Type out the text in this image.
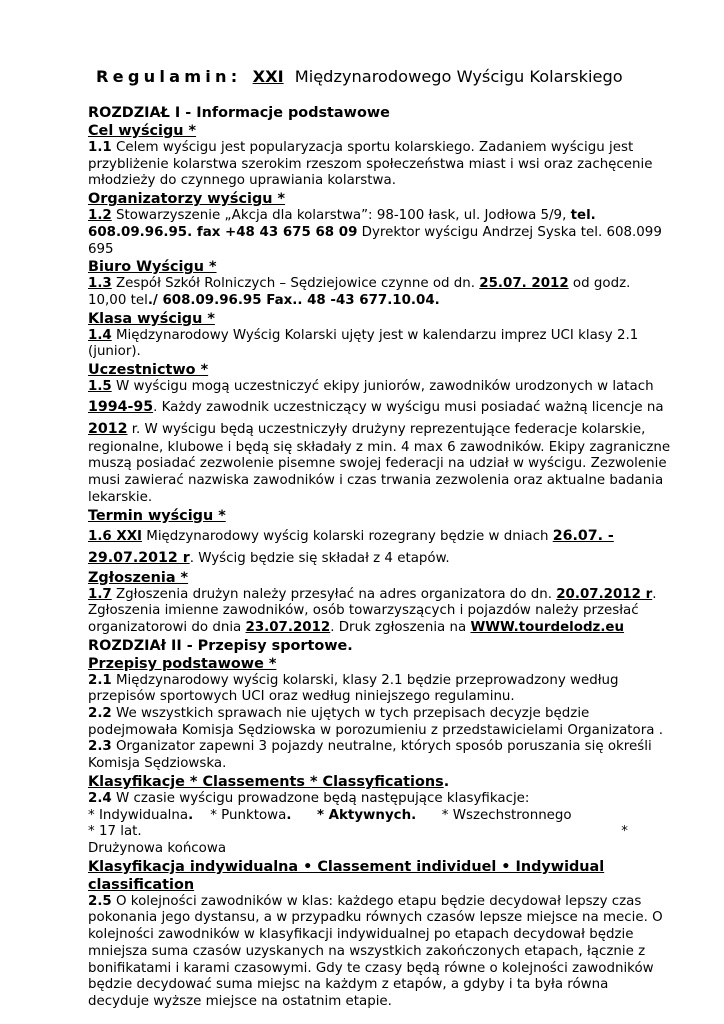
Regulamin: XXI Międzynarodowego Wyścigu Kolarskiego
ROZDZIAŁ I - Informacje podstawowe
Cel wyścigu *

1.1 Celem wyścigu jest popularyzacja sportu kolarskiego. Zadaniem wyścigu jest przybliżenie kolarstwa szerokim rzeszom społeczeństwa miast i wsi oraz zachęcenie młodzieży do czynnego uprawiania kolarstwa.

Organizatorzy wyścigu *

1.2 Stowarzyszenie „Akcja dla kolarstwa”: 98-100 łask, ul. Jodłowa 5/9, tel. 608.09.96.95. fax +48 43 675 68 09 Dyrektor wyścigu Andrzej Syska tel. 608.099 695

Biuro Wyścigu *

1.3 Zespół Szkół Rolniczych – Sędziejowice czynne od dn. 25.07. 2012 od godz. 10,00 tel./ 608.09.96.95 Fax.. 48 -43 677.10.04.

Klasa wyścigu *

1.4 Międzynarodowy Wyścig Kolarski ujęty jest w kalendarzu imprez UCI klasy 2.1 (junior).

Uczestnictwo *

1.5 W wyścigu mogą uczestniczyć ekipy juniorów, zawodników urodzonych w latach 1994-95. Każdy zawodnik uczestniczący w wyścigu musi posiadać ważną licencje na 2012 r. W wyścigu będą uczestniczyły drużyny reprezentujące federacje kolarskie, regionalne, klubowe i będą się składały z min. 4 max 6 zawodników. Ekipy zagraniczne muszą posiadać zezwolenie pisemne swojej federacji na udział w wyścigu. Zezwolenie musi zawierać nazwiska zawodników i czas trwania zezwolenia oraz aktualne badania lekarskie.

Termin wyścigu *

1.6 XXI Międzynarodowy wyścig kolarski rozegrany będzie w dniach 26.07. - 29.07.2012 r. Wyścig będzie się składał z 4 etapów.

Zgłoszenia *

1.7 Zgłoszenia drużyn należy przesyłać na adres organizatora do dn. 20.07.2012 r. Zgłoszenia imienne zawodników, osób towarzyszących i pojazdów należy przesłać organizatorowi do dnia 23.07.2012. Druk zgłoszenia na WWW.tourdelodz.eu

ROZDZIAł II - Przepisy sportowe.
Przepisy podstawowe *

2.1 Międzynarodowy wyścig kolarski, klasy 2.1 będzie przeprowadzony według przepisów sportowych UCI oraz według niniejszego regulaminu.

2.2 We wszystkich sprawach nie ujętych w tych przepisach decyzje będzie podejmowała Komisja Sędziowska w porozumieniu z przedstawicielami Organizatora .

2.3 Organizator zapewni 3 pojazdy neutralne, których sposób poruszania się określi Komisja Sędziowska.

Klasyfikacje * Classements * Classyfications.

2.4 W czasie wyścigu prowadzone będą następujące klasyfikacje:

* Indywidualna. * Punktowa. * Aktywnych. * Wszechstronnego
* 17 lat.	*
Drużynowa końcowa
Klasyfikacja indywidualna • Classement individuel • Indywidual classification

2.5 O kolejności zawodników w klas: każdego etapu będzie decydował lepszy czas pokonania jego dystansu, a w przypadku równych czasów lepsze miejsce na mecie. O kolejności zawodników w klasyfikacji indywidualnej po etapach decydował będzie mniejsza suma czasów uzyskanych na wszystkich zakończonych etapach, łącznie z bonifikatami i karami czasowymi. Gdy te czasy będą równe o kolejności zawodników będzie decydować suma miejsc na każdym z etapów, a gdyby i ta była równa decyduje wyższe miejsce na ostatnim etapie.
